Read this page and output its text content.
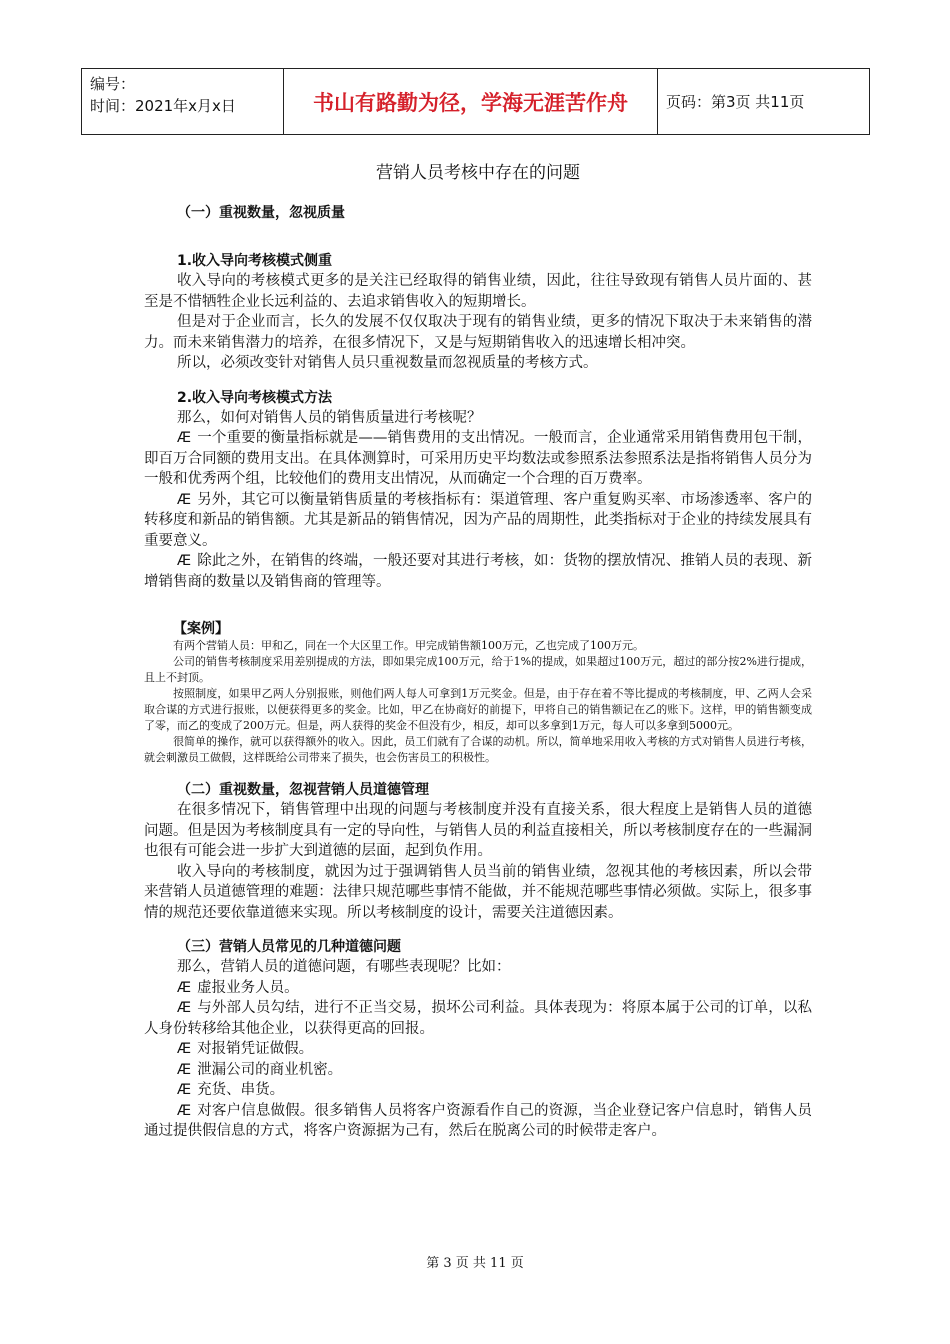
编号：
时间：2021年x月x日	书山有路勤为径，学海无涯苦作舟	页码：第3页 共11页
营销人员考核中存在的问题
（一）重视数量，忽视质量
1.收入导向考核模式侧重

收入导向的考核模式更多的是关注已经取得的销售业绩，因此，往往导致现有销售人员片面的、甚至是不惜牺牲企业长远利益的、去追求销售收入的短期增长。

但是对于企业而言，长久的发展不仅仅取决于现有的销售业绩，更多的情况下取决于未来销售的潜力。而未来销售潜力的培养，在很多情况下，又是与短期销售收入的迅速增长相冲突。

所以，必须改变针对销售人员只重视数量而忽视质量的考核方式。

2.收入导向考核模式方法

那么，如何对销售人员的销售质量进行考核呢？

Æ 一个重要的衡量指标就是——销售费用的支出情况。一般而言，企业通常采用销售费用包干制，即百万合同额的费用支出。在具体测算时，可采用历史平均数法或参照系法参照系法是指将销售人员分为一般和优秀两个组，比较他们的费用支出情况，从而确定一个合理的百万费率。

Æ 另外，其它可以衡量销售质量的考核指标有：渠道管理、客户重复购买率、市场渗透率、客户的转移度和新品的销售额。尤其是新品的销售情况，因为产品的周期性，此类指标对于企业的持续发展具有重要意义。

Æ 除此之外，在销售的终端，一般还要对其进行考核，如：货物的摆放情况、推销人员的表现、新增销售商的数量以及销售商的管理等。

【案例】

有两个营销人员：甲和乙，同在一个大区里工作。甲完成销售额100万元，乙也完成了100万元。

公司的销售考核制度采用差别提成的方法，即如果完成100万元，给于1%的提成，如果超过100万元，超过的部分按2%进行提成，且上不封顶。

按照制度，如果甲乙两人分别报账，则他们两人每人可拿到1万元奖金。但是，由于存在着不等比提成的考核制度，甲、乙两人会采取合谋的方式进行报账，以便获得更多的奖金。比如，甲乙在协商好的前提下，甲将自己的销售额记在乙的账下。这样，甲的销售额变成了零，而乙的变成了200万元。但是，两人获得的奖金不但没有少，相反，却可以多拿到1万元，每人可以多拿到5000元。

很简单的操作，就可以获得额外的收入。因此，员工们就有了合谋的动机。所以，简单地采用收入考核的方式对销售人员进行考核，就会刺激员工做假，这样既给公司带来了损失，也会伤害员工的积极性。

（二）重视数量，忽视营销人员道德管理

在很多情况下，销售管理中出现的问题与考核制度并没有直接关系，很大程度上是销售人员的道德问题。但是因为考核制度具有一定的导向性，与销售人员的利益直接相关，所以考核制度存在的一些漏洞也很有可能会进一步扩大到道德的层面，起到负作用。

收入导向的考核制度，就因为过于强调销售人员当前的销售业绩，忽视其他的考核因素，所以会带来营销人员道德管理的难题：法律只规范哪些事情不能做，并不能规范哪些事情必须做。实际上，很多事情的规范还要依靠道德来实现。所以考核制度的设计，需要关注道德因素。

（三）营销人员常见的几种道德问题

那么，营销人员的道德问题，有哪些表现呢？比如：

Æ 虚报业务人员。

Æ 与外部人员勾结，进行不正当交易，损坏公司利益。具体表现为：将原本属于公司的订单，以私人身份转移给其他企业，以获得更高的回报。

Æ 对报销凭证做假。

Æ 泄漏公司的商业机密。

Æ 充货、串货。

Æ 对客户信息做假。很多销售人员将客户资源看作自己的资源，当企业登记客户信息时，销售人员通过提供假信息的方式，将客户资源据为己有，然后在脱离公司的时候带走客户。

第 3 页 共 11 页
